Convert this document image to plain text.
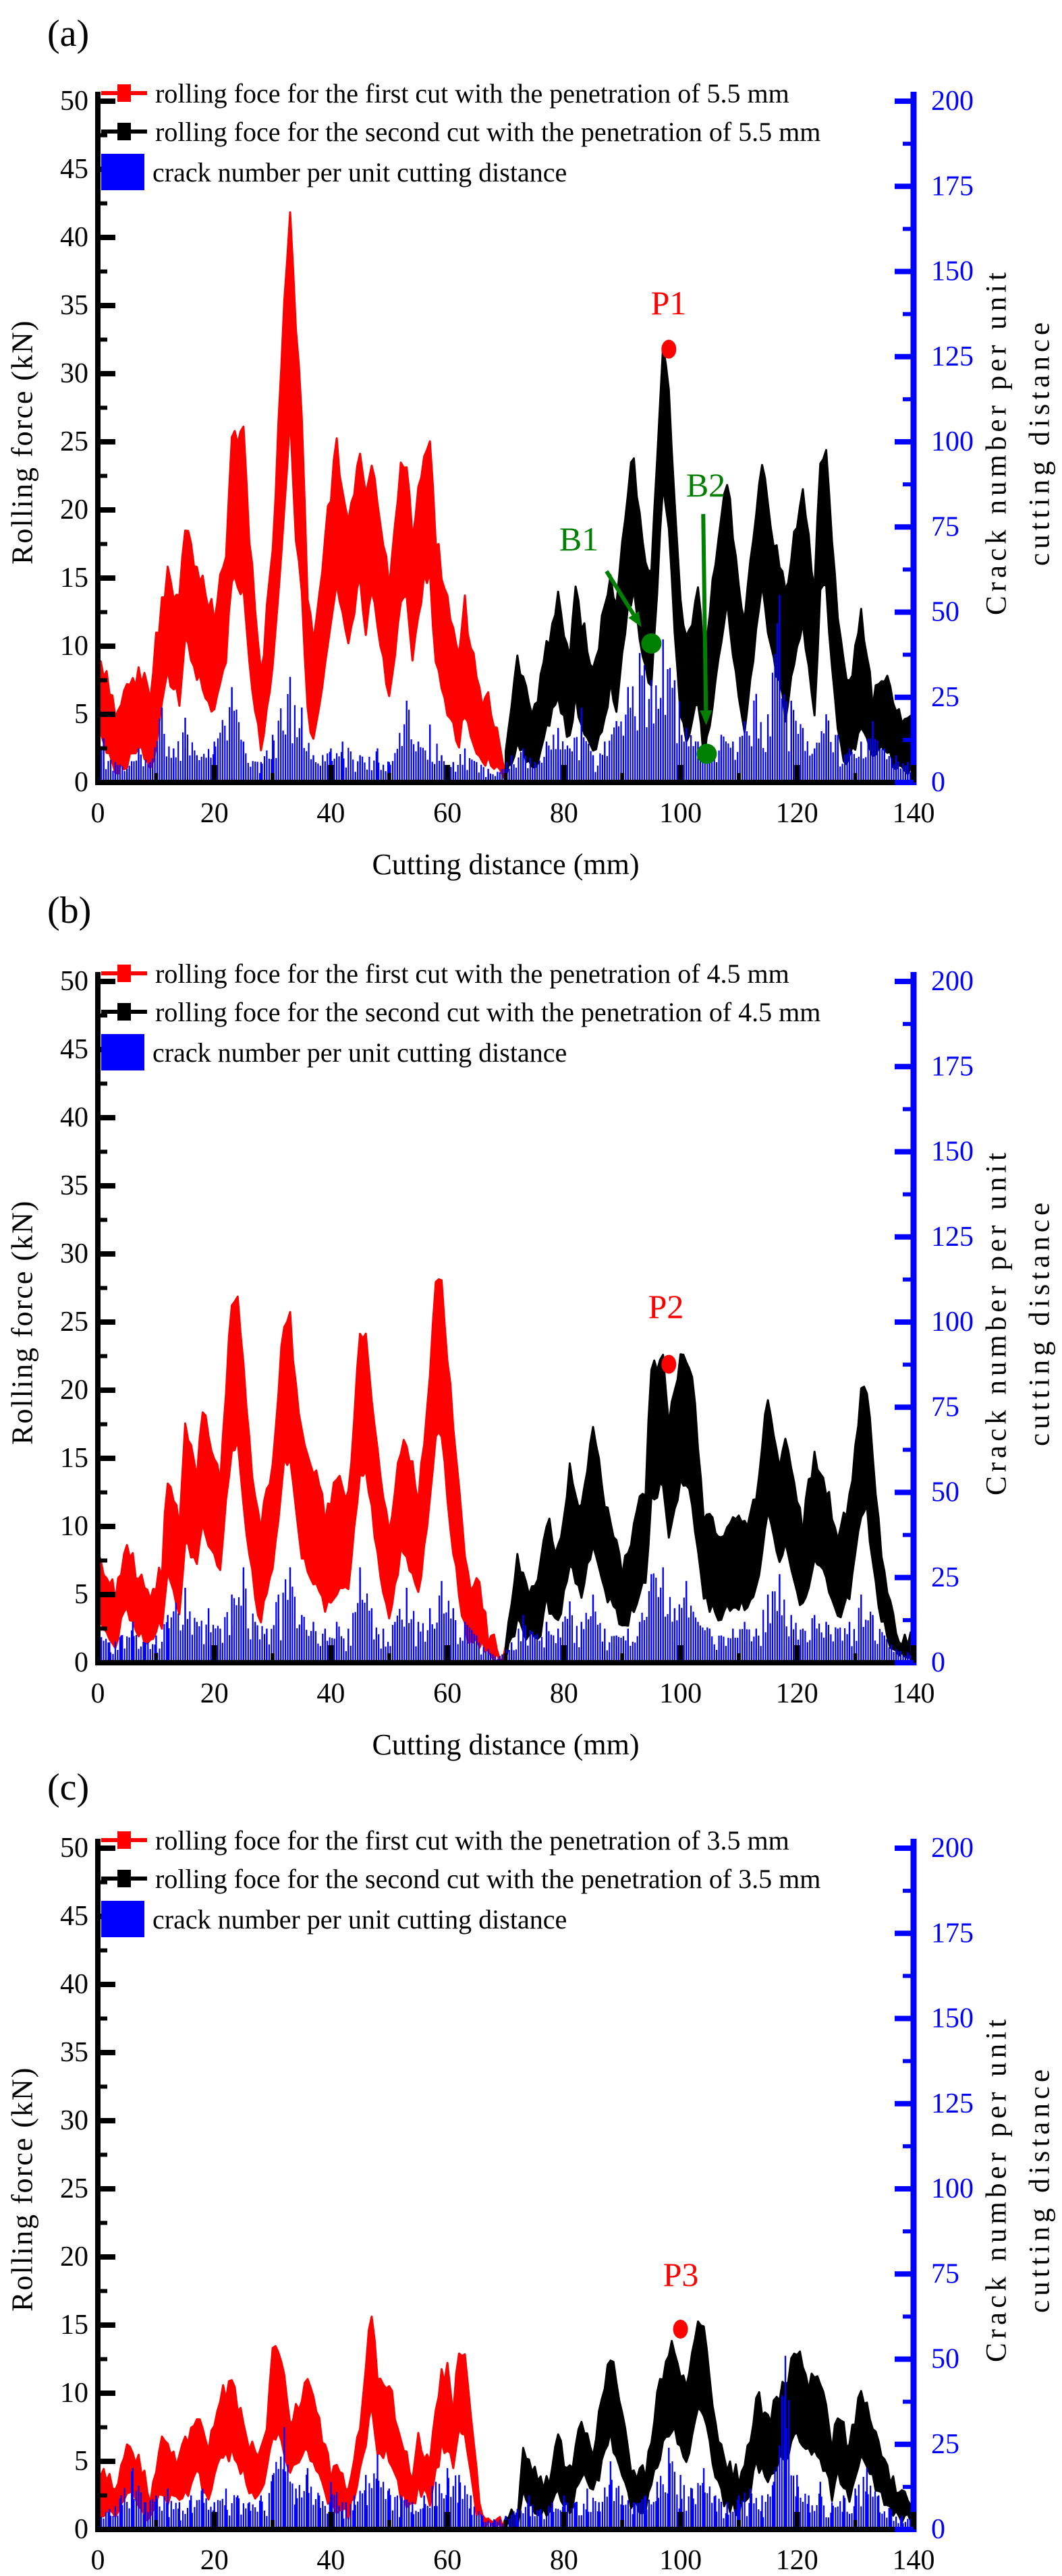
0
5
10
15
20
25
30
35
40
45
50
0	20	40	60	80	100	120	140
0
25
50
75
100
125
150
175
200
(a)
Rolling force (kN)	Crack number per unit cutting distance
Cutting distance (mm)
rolling foce for the first cut with the penetration of 5.5 mm
rolling foce for the second cut with the penetration of 5.5 mm
crack number per unit cutting distance
P1
B1
B2
0
5
10
15
20
25
30
35
40
45
50
0	20	40	60	80	100	120	140
0
25
50
75
100
125
150
175
200
(b)
Rolling force (kN)	Crack number per unit cutting distance
Cutting distance (mm)
rolling foce for the first cut with the penetration of 4.5 mm
rolling foce for the second cut with the penetration of 4.5 mm
crack number per unit cutting distance
P2
0
5
10
15
20
25
30
35
40
45
50
0	20	40	60	80	100	120	140
0
25
50
75
100
125
150
175
200
(c)
Rolling force (kN)	Crack number per unit cutting distance
rolling foce for the first cut with the penetration of 3.5 mm
rolling foce for the second cut with the penetration of 3.5 mm
crack number per unit cutting distance
P3
